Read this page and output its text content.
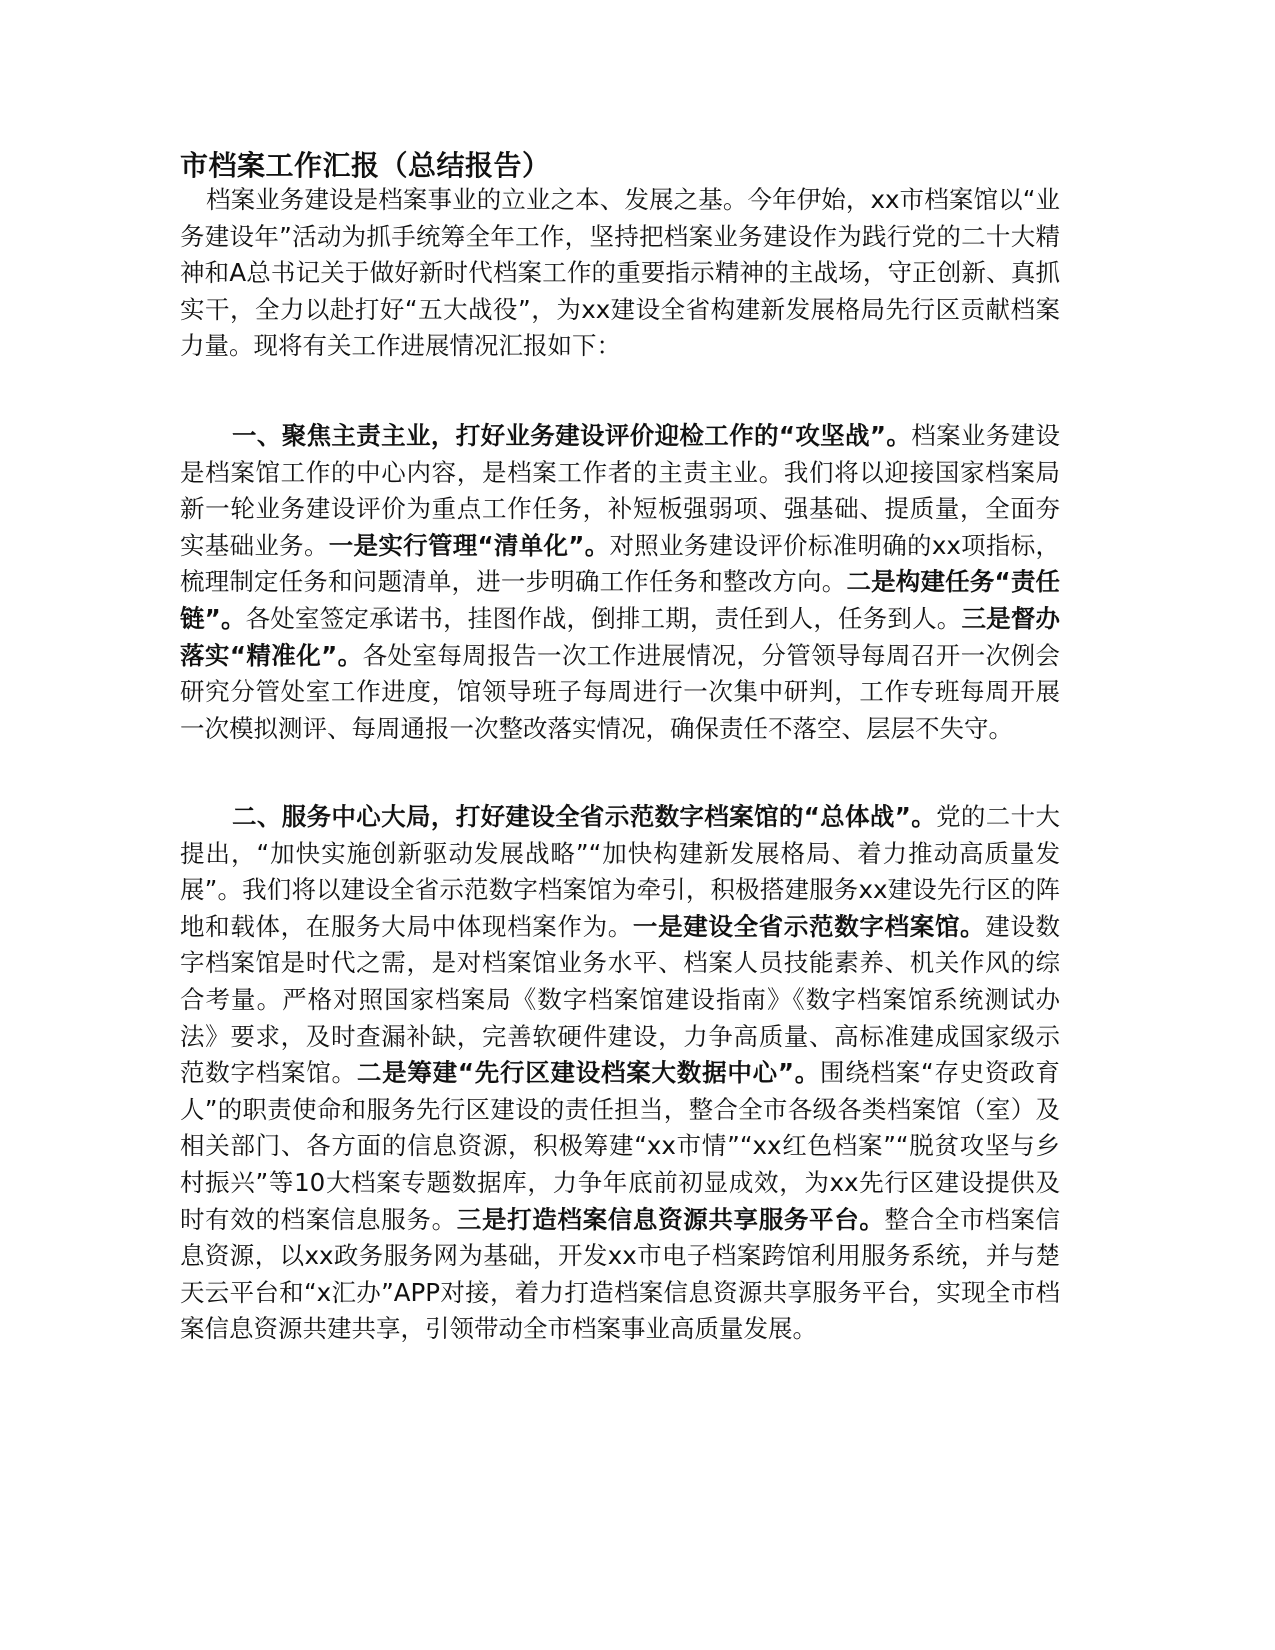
市档案工作汇报（总结报告）

档案业务建设是档案事业的立业之本、发展之基。今年伊始，xx市档案馆以“业务建设年”活动为抓手统筹全年工作，坚持把档案业务建设作为践行党的二十大精神和A总书记关于做好新时代档案工作的重要指示精神的主战场，守正创新、真抓实干，全力以赴打好“五大战役”，为xx建设全省构建新发展格局先行区贡献档案力量。现将有关工作进展情况汇报如下：

一、聚焦主责主业，打好业务建设评价迎检工作的“攻坚战”。档案业务建设是档案馆工作的中心内容，是档案工作者的主责主业。我们将以迎接国家档案局新一轮业务建设评价为重点工作任务，补短板强弱项、强基础、提质量，全面夯实基础业务。一是实行管理“清单化”。对照业务建设评价标准明确的xx项指标，梳理制定任务和问题清单，进一步明确工作任务和整改方向。二是构建任务“责任链”。各处室签定承诺书，挂图作战，倒排工期，责任到人，任务到人。三是督办落实“精准化”。各处室每周报告一次工作进展情况，分管领导每周召开一次例会研究分管处室工作进度，馆领导班子每周进行一次集中研判，工作专班每周开展一次模拟测评、每周通报一次整改落实情况，确保责任不落空、层层不失守。

二、服务中心大局，打好建设全省示范数字档案馆的“总体战”。党的二十大提出，“加快实施创新驱动发展战略”“加快构建新发展格局、着力推动高质量发展”。我们将以建设全省示范数字档案馆为牵引，积极搭建服务xx建设先行区的阵地和载体，在服务大局中体现档案作为。一是建设全省示范数字档案馆。建设数字档案馆是时代之需，是对档案馆业务水平、档案人员技能素养、机关作风的综合考量。严格对照国家档案局《数字档案馆建设指南》《数字档案馆系统测试办法》要求，及时查漏补缺，完善软硬件建设，力争高质量、高标准建成国家级示范数字档案馆。二是筹建“先行区建设档案大数据中心”。围绕档案“存史资政育人”的职责使命和服务先行区建设的责任担当，整合全市各级各类档案馆（室）及相关部门、各方面的信息资源，积极筹建“xx市情”“xx红色档案”“脱贫攻坚与乡村振兴”等10大档案专题数据库，力争年底前初显成效，为xx先行区建设提供及时有效的档案信息服务。三是打造档案信息资源共享服务平台。整合全市档案信息资源，以xx政务服务网为基础，开发xx市电子档案跨馆利用服务系统，并与楚天云平台和“x汇办”APP对接，着力打造档案信息资源共享服务平台，实现全市档案信息资源共建共享，引领带动全市档案事业高质量发展。
